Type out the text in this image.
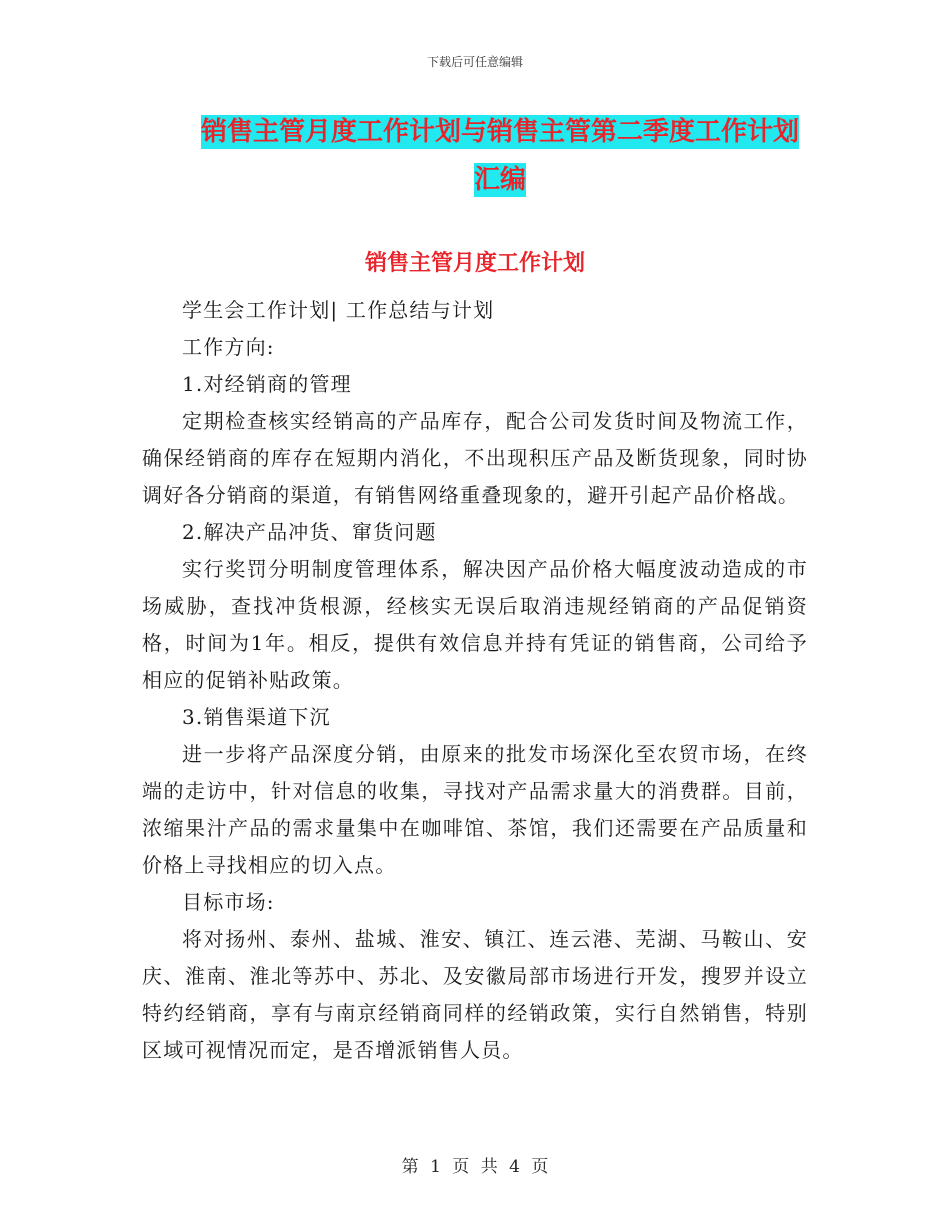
下载后可任意编辑
销售主管月度工作计划与销售主管第二季度工作计划
汇编
销售主管月度工作计划

学生会工作计划| 工作总结与计划

工作方向:

1.对经销商的管理

定期检查核实经销高的产品库存，配合公司发货时间及物流工作，确保经销商的库存在短期内消化，不出现积压产品及断货现象，同时协调好各分销商的渠道，有销售网络重叠现象的，避开引起产品价格战。

2.解决产品冲货、窜货问题

实行奖罚分明制度管理体系，解决因产品价格大幅度波动造成的市场威胁，查找冲货根源，经核实无误后取消违规经销商的产品促销资格，时间为1年。相反，提供有效信息并持有凭证的销售商，公司给予相应的促销补贴政策。

3.销售渠道下沉

进一步将产品深度分销，由原来的批发市场深化至农贸市场，在终端的走访中，针对信息的收集，寻找对产品需求量大的消费群。目前，浓缩果汁产品的需求量集中在咖啡馆、茶馆，我们还需要在产品质量和价格上寻找相应的切入点。

目标市场:

将对扬州、泰州、盐城、淮安、镇江、连云港、芜湖、马鞍山、安庆、淮南、淮北等苏中、苏北、及安徽局部市场进行开发，搜罗并设立特约经销商，享有与南京经销商同样的经销政策，实行自然销售，特别区域可视情况而定，是否增派销售人员。

第 1 页 共 4 页
